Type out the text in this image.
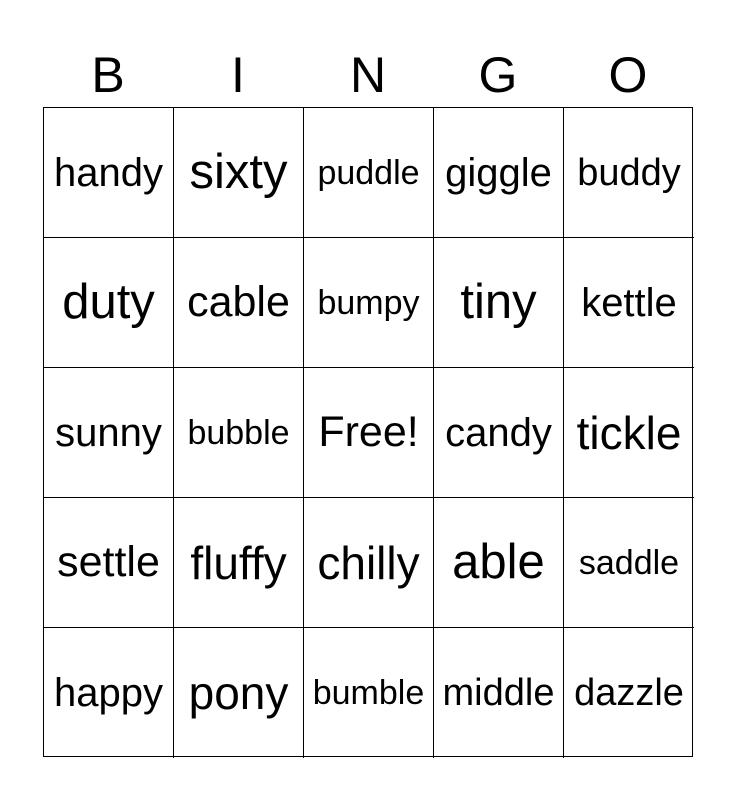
B	I	N	G	O
handy sixty puddle giggle buddy
duty cable bumpy tiny	kettle
sunny bubble Free! candy tickle
settle fluffy chilly able	saddle
happy pony bumble middle dazzle
